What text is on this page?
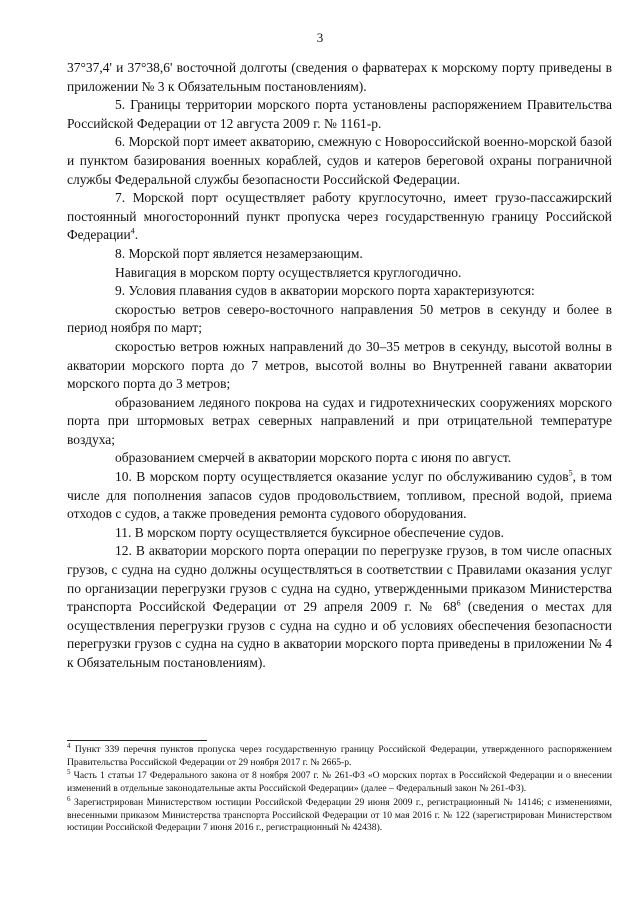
3

37°37,4' и 37°38,6' восточной долготы (сведения о фарватерах к морскому порту приведены в приложении № 3 к Обязательным постановлениям).

5. Границы территории морского порта установлены распоряжением Правительства Российской Федерации от 12 августа 2009 г. № 1161-р.

6. Морской порт имеет акваторию, смежную с Новороссийской военно-морской базой и пунктом базирования военных кораблей, судов и катеров береговой охраны пограничной службы Федеральной службы безопасности Российской Федерации.

7. Морской порт осуществляет работу круглосуточно, имеет грузо-пассажирский постоянный многосторонний пункт пропуска через государственную границу Российской Федерации$^4$.

8. Морской порт является незамерзающим.

Навигация в морском порту осуществляется круглогодично.

9. Условия плавания судов в акватории морского порта характеризуются:

скоростью ветров северо-восточного направления 50 метров в секунду и более в период ноября по март;

скоростью ветров южных направлений до 30–35 метров в секунду, высотой волны в акватории морского порта до 7 метров, высотой волны во Внутренней гавани акватории морского порта до 3 метров;

образованием ледяного покрова на судах и гидротехнических сооружениях морского порта при штормовых ветрах северных направлений и при отрицательной температуре воздуха;

образованием смерчей в акватории морского порта с июня по август.

10. В морском порту осуществляется оказание услуг по обслуживанию судов$^5$, в том числе для пополнения запасов судов продовольствием, топливом, пресной водой, приема отходов с судов, а также проведения ремонта судового оборудования.

11. В морском порту осуществляется буксирное обеспечение судов.

12. В акватории морского порта операции по перегрузке грузов, в том числе опасных грузов, с судна на судно должны осуществляться в соответствии с Правилами оказания услуг по организации перегрузки грузов с судна на судно, утвержденными приказом Министерства транспорта Российской Федерации от 29 апреля 2009 г. № $68^6$ (сведения о местах для осуществления перегрузки грузов с судна на судно и об условиях обеспечения безопасности перегрузки грузов с судна на судно в акватории морского порта приведены в приложении № 4 к Обязательным постановлениям).

$^4$ Пункт 339 перечня пунктов пропуска через государственную границу Российской Федерации, утвержденного распоряжением Правительства Российской Федерации от 29 ноября 2017 г. № 2665-р.

$^5$ Часть 1 статьи 17 Федерального закона от 8 ноября 2007 г. № 261-ФЗ «О морских портах в Российской Федерации и о внесении изменений в отдельные законодательные акты Российской Федерации» (далее – Федеральный закон № 261-ФЗ).

$^6$ Зарегистрирован Министерством юстиции Российской Федерации 29 июня 2009 г., регистрационный № 14146; с изменениями, внесенными приказом Министерства транспорта Российской Федерации от 10 мая 2016 г. № 122 (зарегистрирован Министерством юстиции Российской Федерации 7 июня 2016 г., регистрационный № 42438).
